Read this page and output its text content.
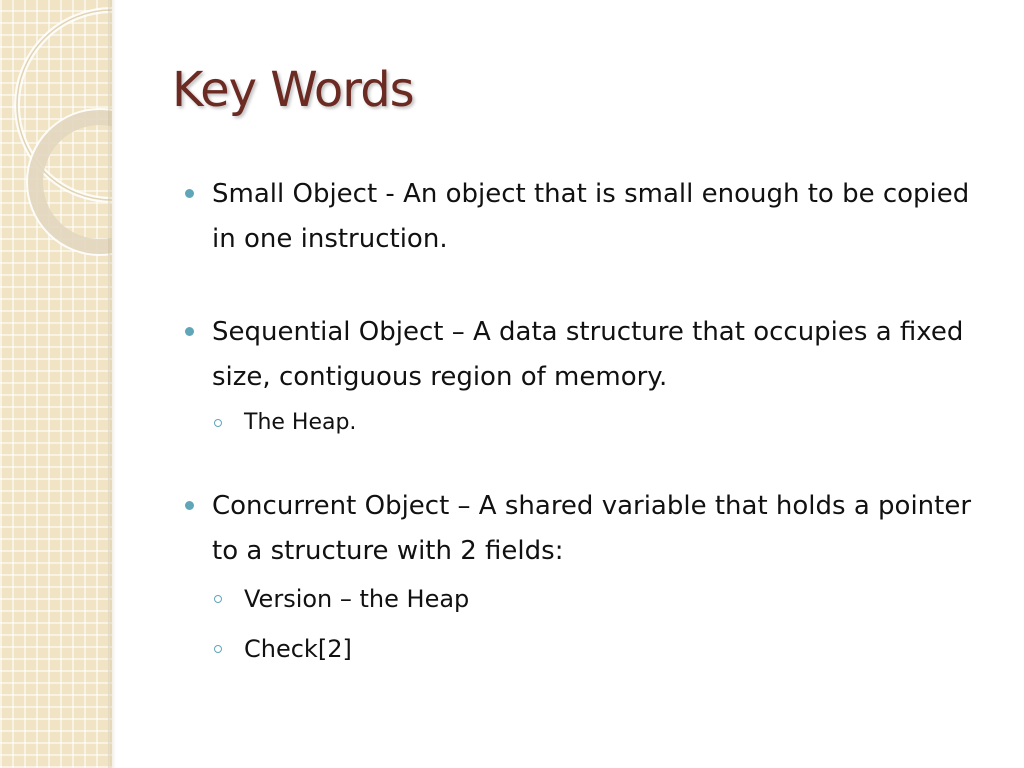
Key Words
Small Object - An object that is small enough to be copied in one instruction.
Sequential Object – A data structure that occupies a fixed size, contiguous region of memory.
The Heap.
Concurrent Object – A shared variable that holds a pointer to a structure with 2 fields:
Version – the Heap
Check[2]
